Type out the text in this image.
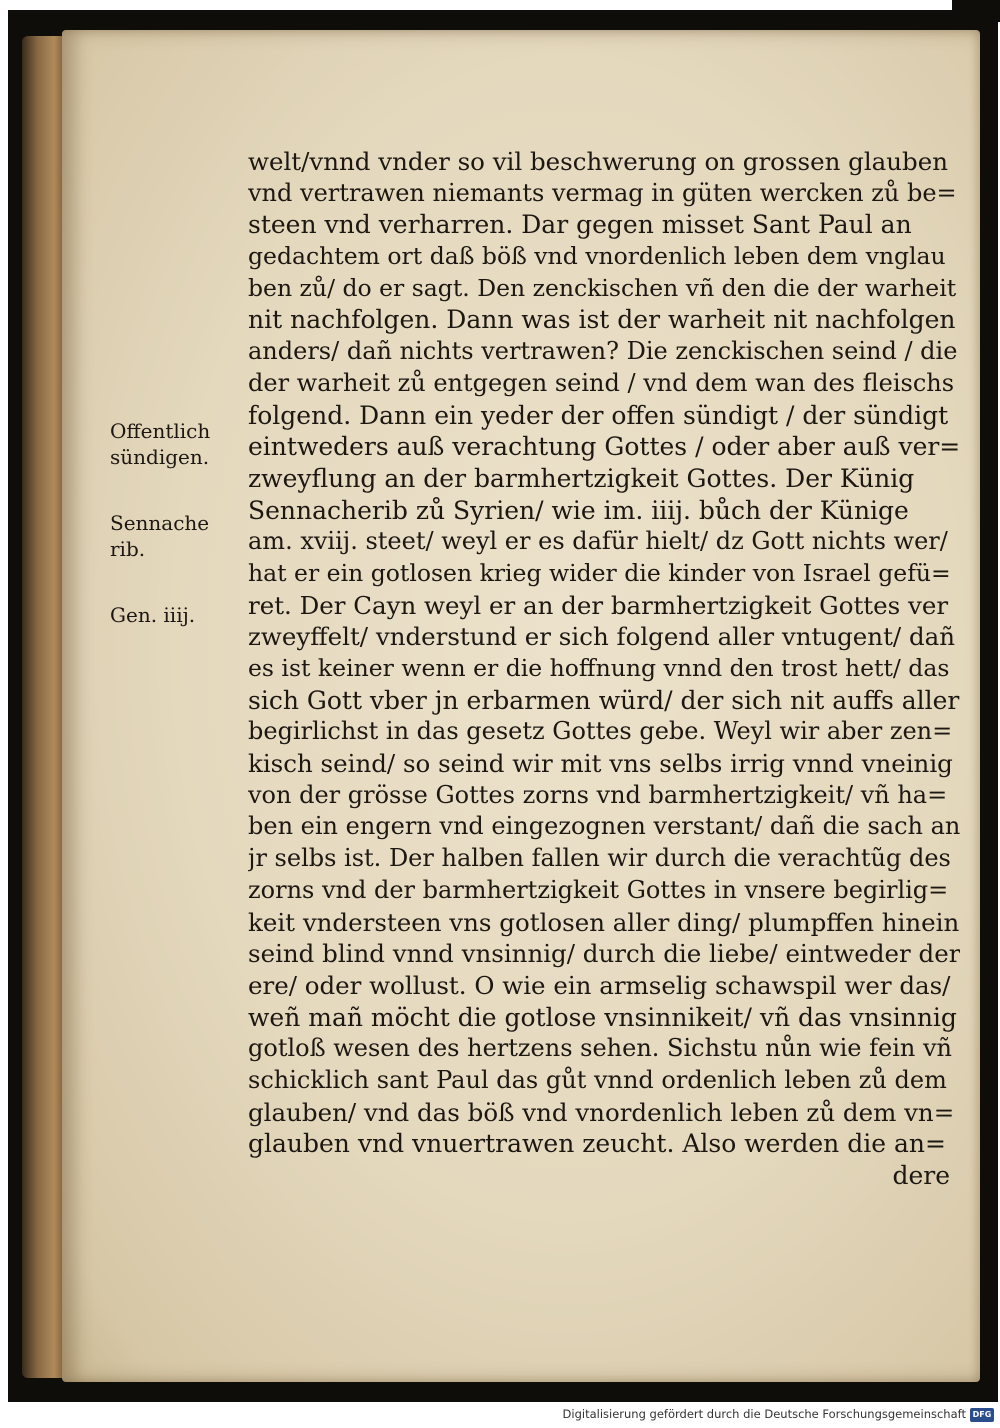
Offentlich
sündigen.
Sennache
rib.
Gen. iiij.
welt/vnnd vnder so vil beschwerung on grossen glauben
vnd vertrawen niemants vermag in güten wercken zů be=
steen vnd verharren. Dar gegen misset Sant Paul an
gedachtem ort daß böß vnd vnordenlich leben dem vnglau
ben zů/ do er sagt. Den zenckischen vñ den die der warheit
nit nachfolgen. Dann was ist der warheit nit nachfolgen
anders/ dañ nichts vertrawen? Die zenckischen seind / die
der warheit zů entgegen seind / vnd dem wan des fleischs
folgend. Dann ein yeder der offen sündigt / der sündigt
eintweders auß verachtung Gottes / oder aber auß ver=
zweyflung an der barmhertzigkeit Gottes. Der Künig
Sennacherib zů Syrien/ wie im. iiij. bůch der Künige
am. xviij. steet/ weyl er es dafür hielt/ dz Gott nichts wer/
hat er ein gotlosen krieg wider die kinder von Israel gefü=
ret. Der Cayn weyl er an der barmhertzigkeit Gottes ver
zweyffelt/ vnderstund er sich folgend aller vntugent/ dañ
es ist keiner wenn er die hoffnung vnnd den trost hett/ das
sich Gott vber jn erbarmen würd/ der sich nit auffs aller
begirlichst in das gesetz Gottes gebe. Weyl wir aber zen=
kisch seind/ so seind wir mit vns selbs irrig vnnd vneinig
von der grösse Gottes zorns vnd barmhertzigkeit/ vñ ha=
ben ein engern vnd eingezognen verstant/ dañ die sach an
jr selbs ist. Der halben fallen wir durch die verachtũg des
zorns vnd der barmhertzigkeit Gottes in vnsere begirlig=
keit vndersteen vns gotlosen aller ding/ plumpffen hinein
seind blind vnnd vnsinnig/ durch die liebe/ eintweder der
ere/ oder wollust. O wie ein armselig schawspil wer das/
weñ mañ möcht die gotlose vnsinnikeit/ vñ das vnsinnig
gotloß wesen des hertzens sehen. Sichstu nůn wie fein vñ
schicklich sant Paul das gůt vnnd ordenlich leben zů dem
glauben/ vnd das böß vnd vnordenlich leben zů dem vn=
glauben vnd vnuertrawen zeucht. Also werden die an=
dere
Digitalisierung gefördert durch die Deutsche Forschungsgemeinschaft DFG
